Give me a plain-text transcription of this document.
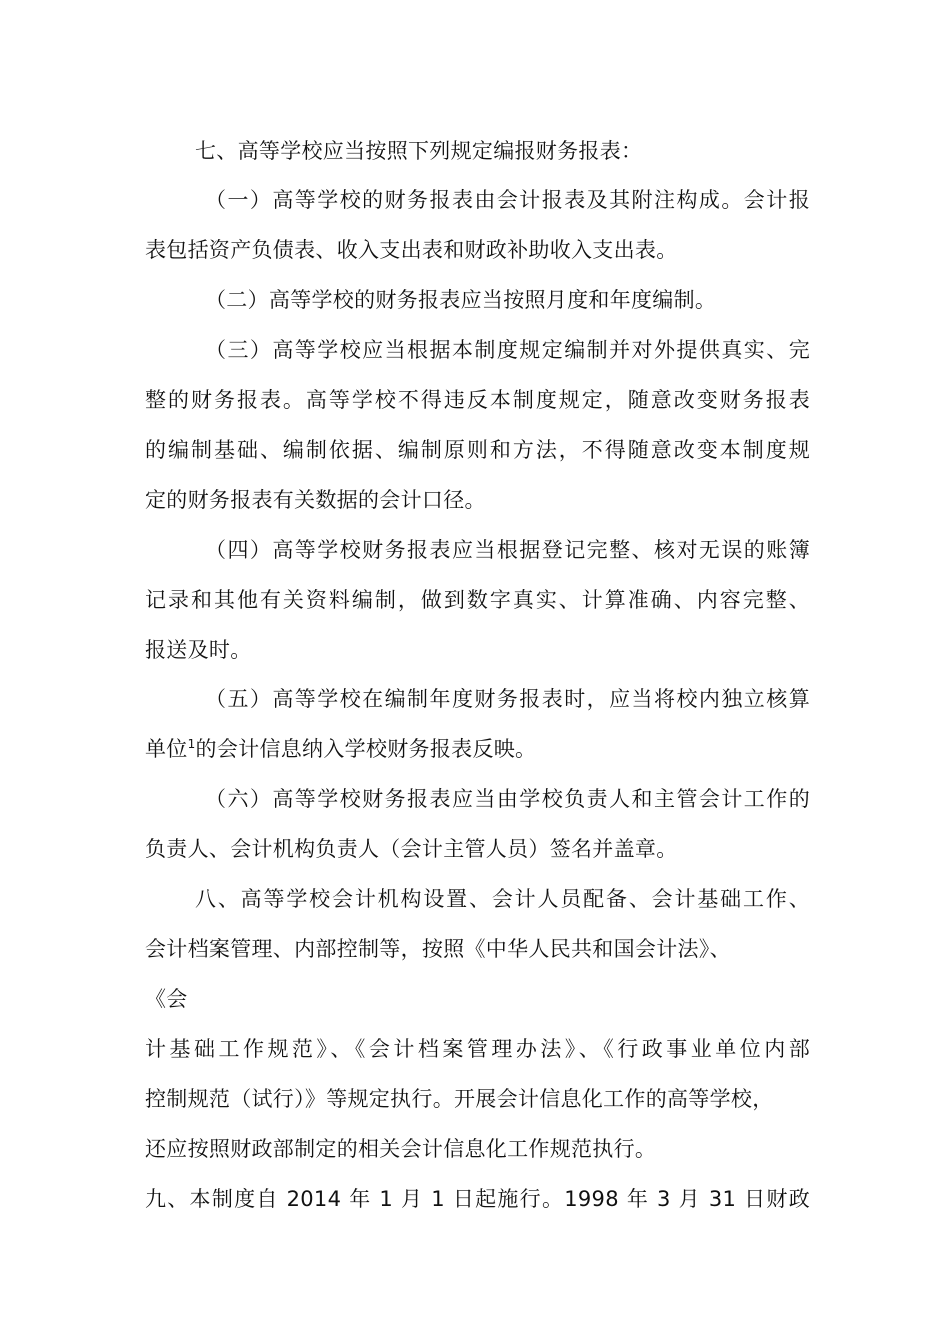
七、高等学校应当按照下列规定编报财务报表：
（一）高等学校的财务报表由会计报表及其附注构成。会计报
表包括资产负债表、收入支出表和财政补助收入支出表。
（二）高等学校的财务报表应当按照月度和年度编制。
（三）高等学校应当根据本制度规定编制并对外提供真实、完
整的财务报表。高等学校不得违反本制度规定，随意改变财务报表
的编制基础、编制依据、编制原则和方法，不得随意改变本制度规
定的财务报表有关数据的会计口径。
（四）高等学校财务报表应当根据登记完整、核对无误的账簿
记录和其他有关资料编制，做到数字真实、计算准确、内容完整、
报送及时。
（五）高等学校在编制年度财务报表时，应当将校内独立核算
单位$^1$的会计信息纳入学校财务报表反映。
（六）高等学校财务报表应当由学校负责人和主管会计工作的
负责人、会计机构负责人（会计主管人员）签名并盖章。
八、高等学校会计机构设置、会计人员配备、会计基础工作、
会计档案管理、内部控制等，按照《中华人民共和国会计法》、
《会
计基础工作规范》、《会计档案管理办法》、《行政事业单位内部
控制规范（试行）》等规定执行。开展会计信息化工作的高等学校，
还应按照财政部制定的相关会计信息化工作规范执行。
九、本制度自 2014 年 1 月 1 日起施行。1998 年 3 月 31 日财政
